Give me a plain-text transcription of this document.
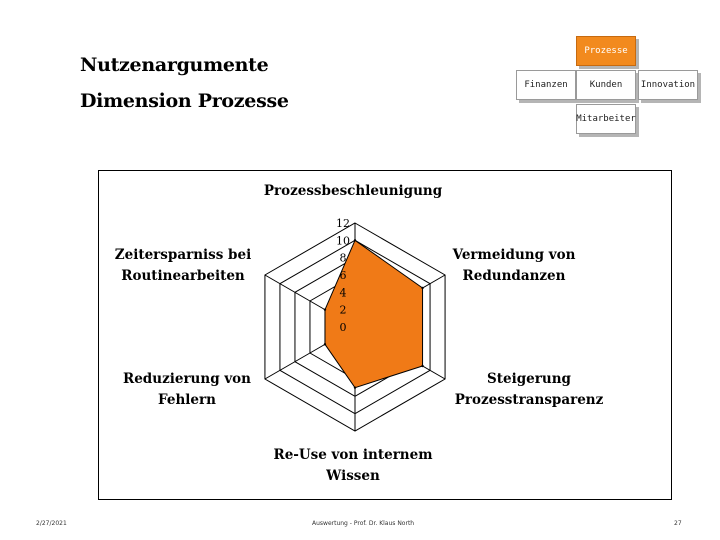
Nutzenargumente
Dimension Prozesse
Prozesse
Finanzen	Kunden	Innovation
Mitarbeiter
0
2
4
6
8
10
12
Prozessbeschleunigung
Vermeidung von Redundanzen
Steigerung Prozesstransparenz
Re-Use von internem Wissen
Reduzierung von Fehlern
Zeitersparniss bei Routinearbeiten
2/27/2021	Auswertung - Prof. Dr. Klaus North	27
